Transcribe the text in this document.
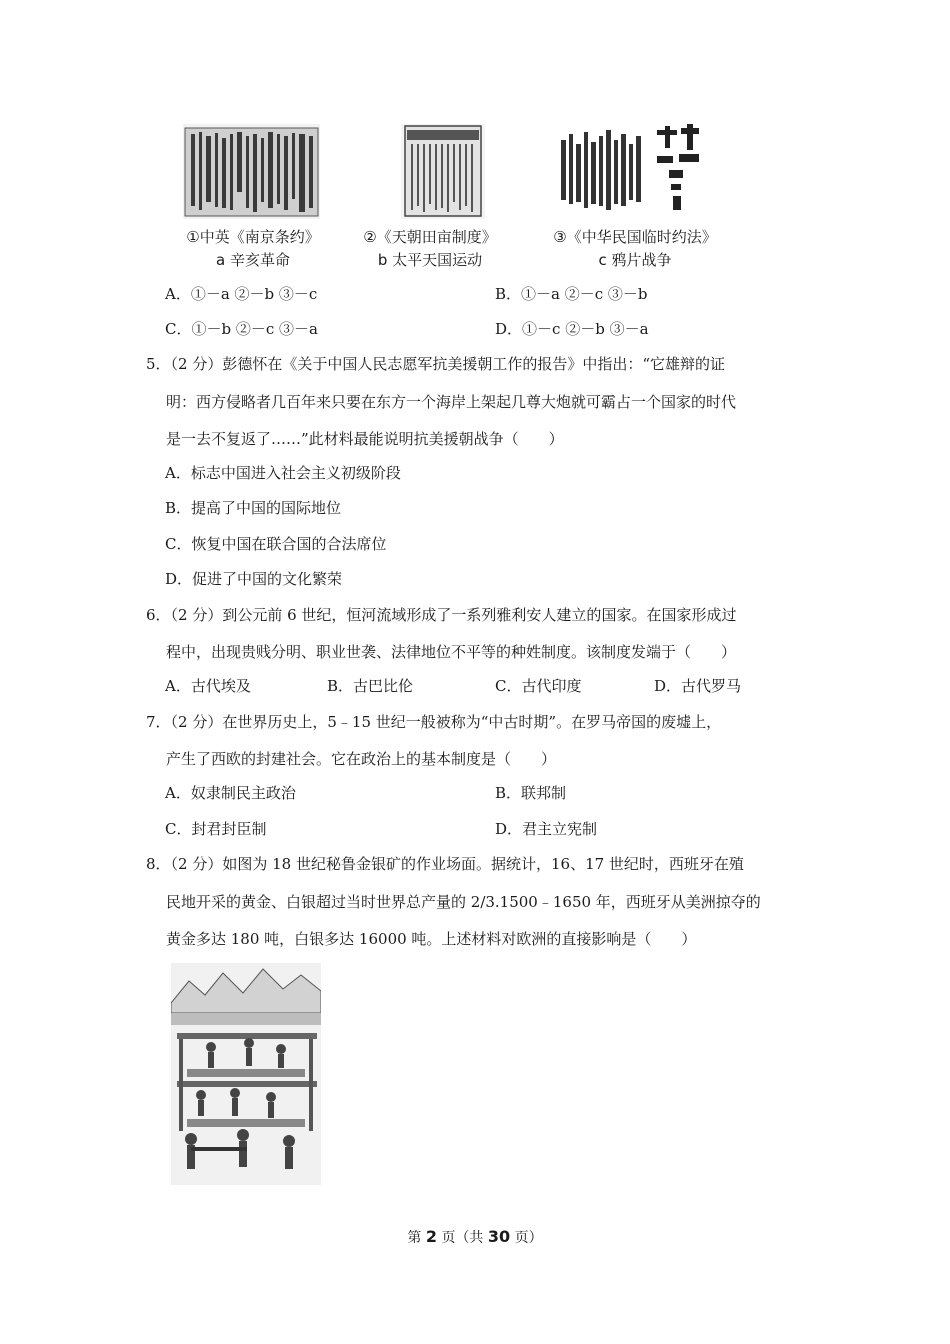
①中英《南京条约》
a 辛亥革命
②《天朝田亩制度》
b 太平天国运动
③《中华民国临时约法》
c 鸦片战争
A．①－a ②－b ③－c	B．①－a ②－c ③－b
C．①－b ②－c ③－a	D．①－c ②－b ③－a
5．（2 分）彭德怀在《关于中国人民志愿军抗美援朝工作的报告》中指出：“它雄辩的证
明：西方侵略者几百年来只要在东方一个海岸上架起几尊大炮就可霸占一个国家的时代
是一去不复返了……”此材料最能说明抗美援朝战争（　　）
A．标志中国进入社会主义初级阶段
B．提高了中国的国际地位
C．恢复中国在联合国的合法席位
D．促进了中国的文化繁荣
6．（2 分）到公元前 6 世纪，恒河流域形成了一系列雅利安人建立的国家。在国家形成过
程中，出现贵贱分明、职业世袭、法律地位不平等的种姓制度。该制度发端于（　　）
A．古代埃及	B．古巴比伦	C．古代印度	D．古代罗马
7．（2 分）在世界历史上，5﹣15 世纪一般被称为“中古时期”。在罗马帝国的废墟上，
产生了西欧的封建社会。它在政治上的基本制度是（　　）
A．奴隶制民主政治	B．联邦制
C．封君封臣制	D．君主立宪制
8．（2 分）如图为 18 世纪秘鲁金银矿的作业场面。据统计，16、17 世纪时，西班牙在殖
民地开采的黄金、白银超过当时世界总产量的 2/3.1500﹣1650 年，西班牙从美洲掠夺的
黄金多达 180 吨，白银多达 16000 吨。上述材料对欧洲的直接影响是（　　）
第 2 页（共 30 页）
